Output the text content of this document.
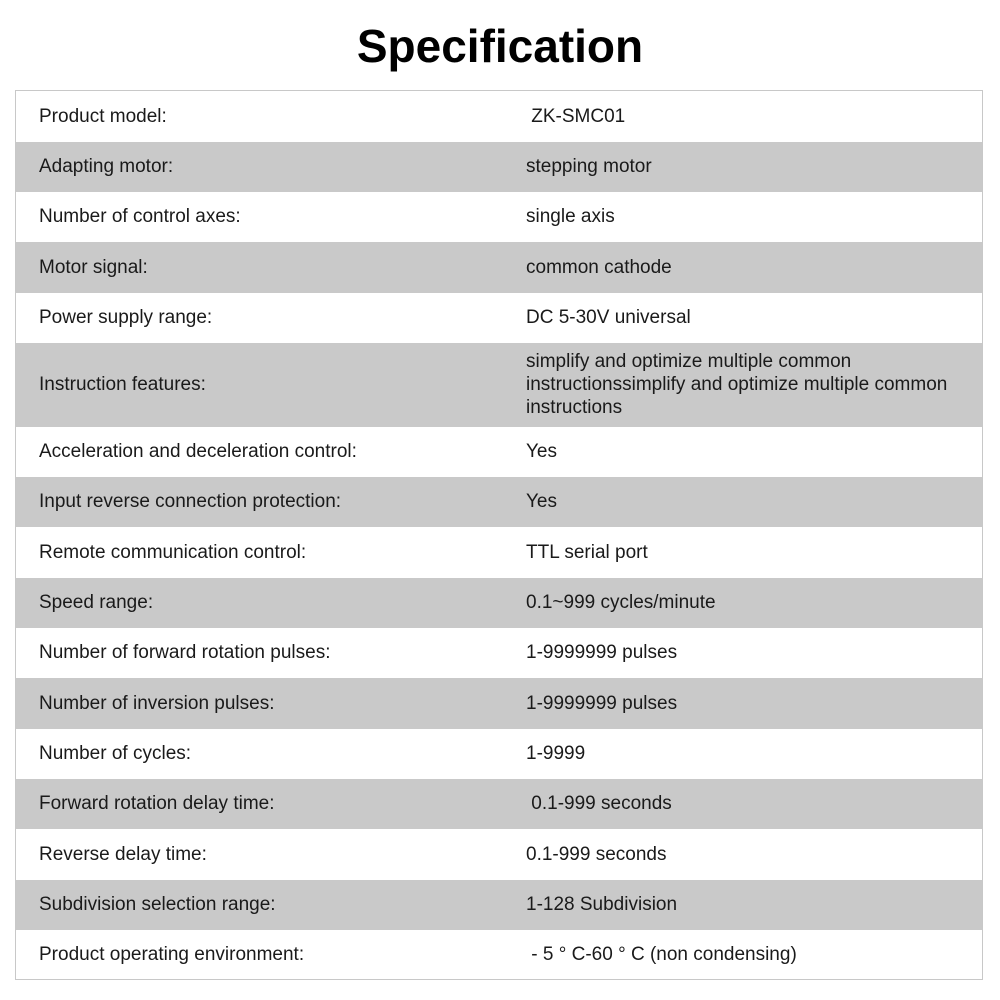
Specification
Product model:	ZK-SMC01
Adapting motor:	stepping motor
Number of control axes:	single axis
Motor signal:	common cathode
Power supply range:	DC 5-30V universal
Instruction features:	simplify and optimize multiple common instructionssimplify and optimize multiple common instructions
Acceleration and deceleration control:	Yes
Input reverse connection protection:	Yes
Remote communication control:	TTL serial port
Speed range:	0.1~999 cycles/minute
Number of forward rotation pulses:	1-9999999 pulses
Number of inversion pulses:	1-9999999 pulses
Number of cycles:	1-9999
Forward rotation delay time:	0.1-999 seconds
Reverse delay time:	0.1-999 seconds
Subdivision selection range:	1-128 Subdivision
Product operating environment:	- 5 ° C-60 ° C (non condensing)
